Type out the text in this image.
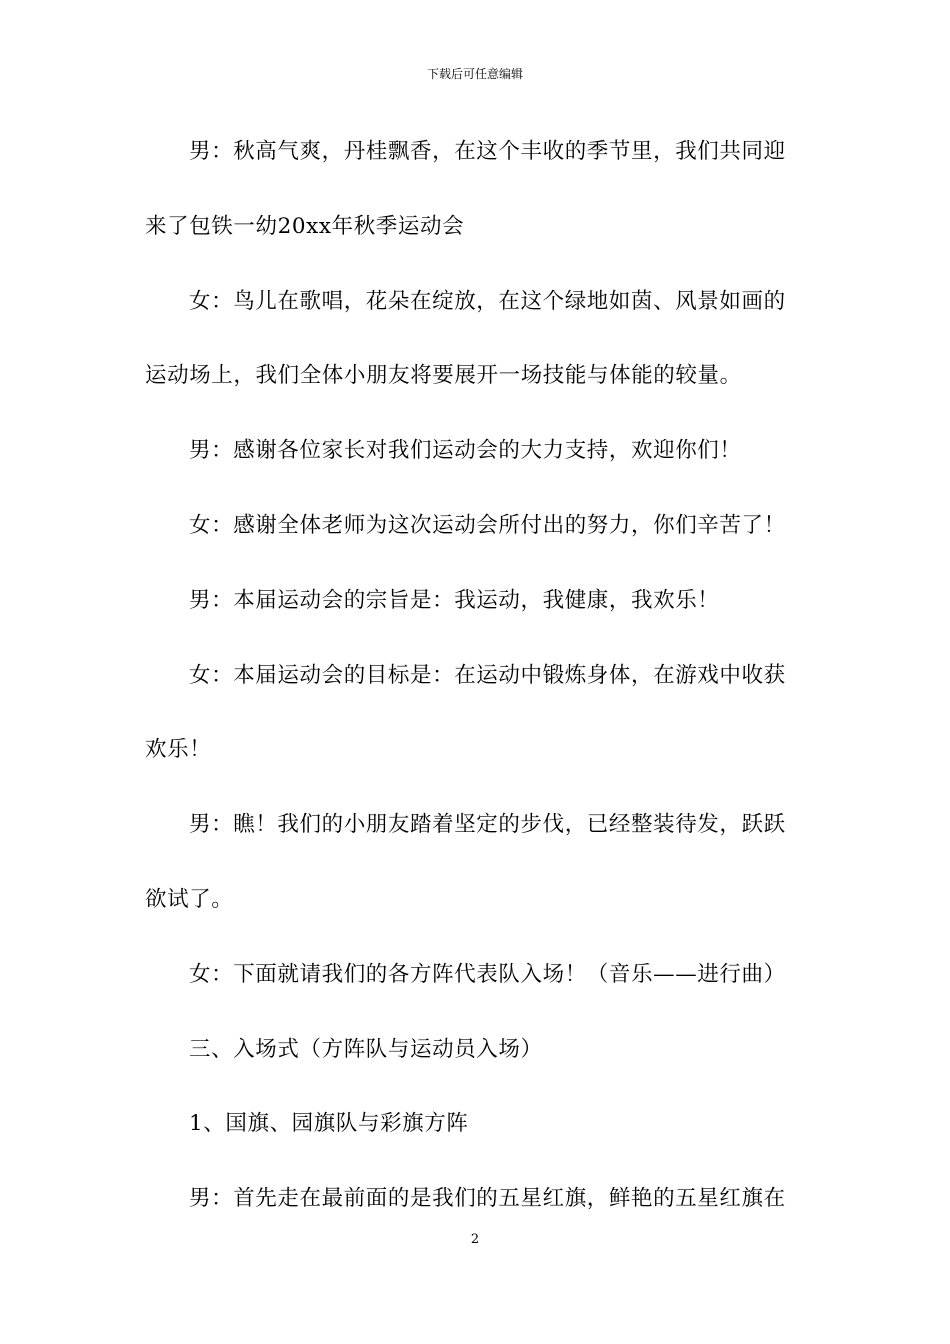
下载后可任意编辑
男：秋高气爽，丹桂飘香，在这个丰收的季节里，我们共同迎
来了包铁一幼20xx年秋季运动会
女：鸟儿在歌唱，花朵在绽放，在这个绿地如茵、风景如画的
运动场上，我们全体小朋友将要展开一场技能与体能的较量。
男：感谢各位家长对我们运动会的大力支持，欢迎你们！
女：感谢全体老师为这次运动会所付出的努力，你们辛苦了！
男：本届运动会的宗旨是：我运动，我健康，我欢乐！
女：本届运动会的目标是：在运动中锻炼身体，在游戏中收获
欢乐！
男：瞧！我们的小朋友踏着坚定的步伐，已经整装待发，跃跃
欲试了。
女：下面就请我们的各方阵代表队入场！（音乐——进行曲）
三、入场式（方阵队与运动员入场）
1、国旗、园旗队与彩旗方阵
男：首先走在最前面的是我们的五星红旗，鲜艳的五星红旗在
2
